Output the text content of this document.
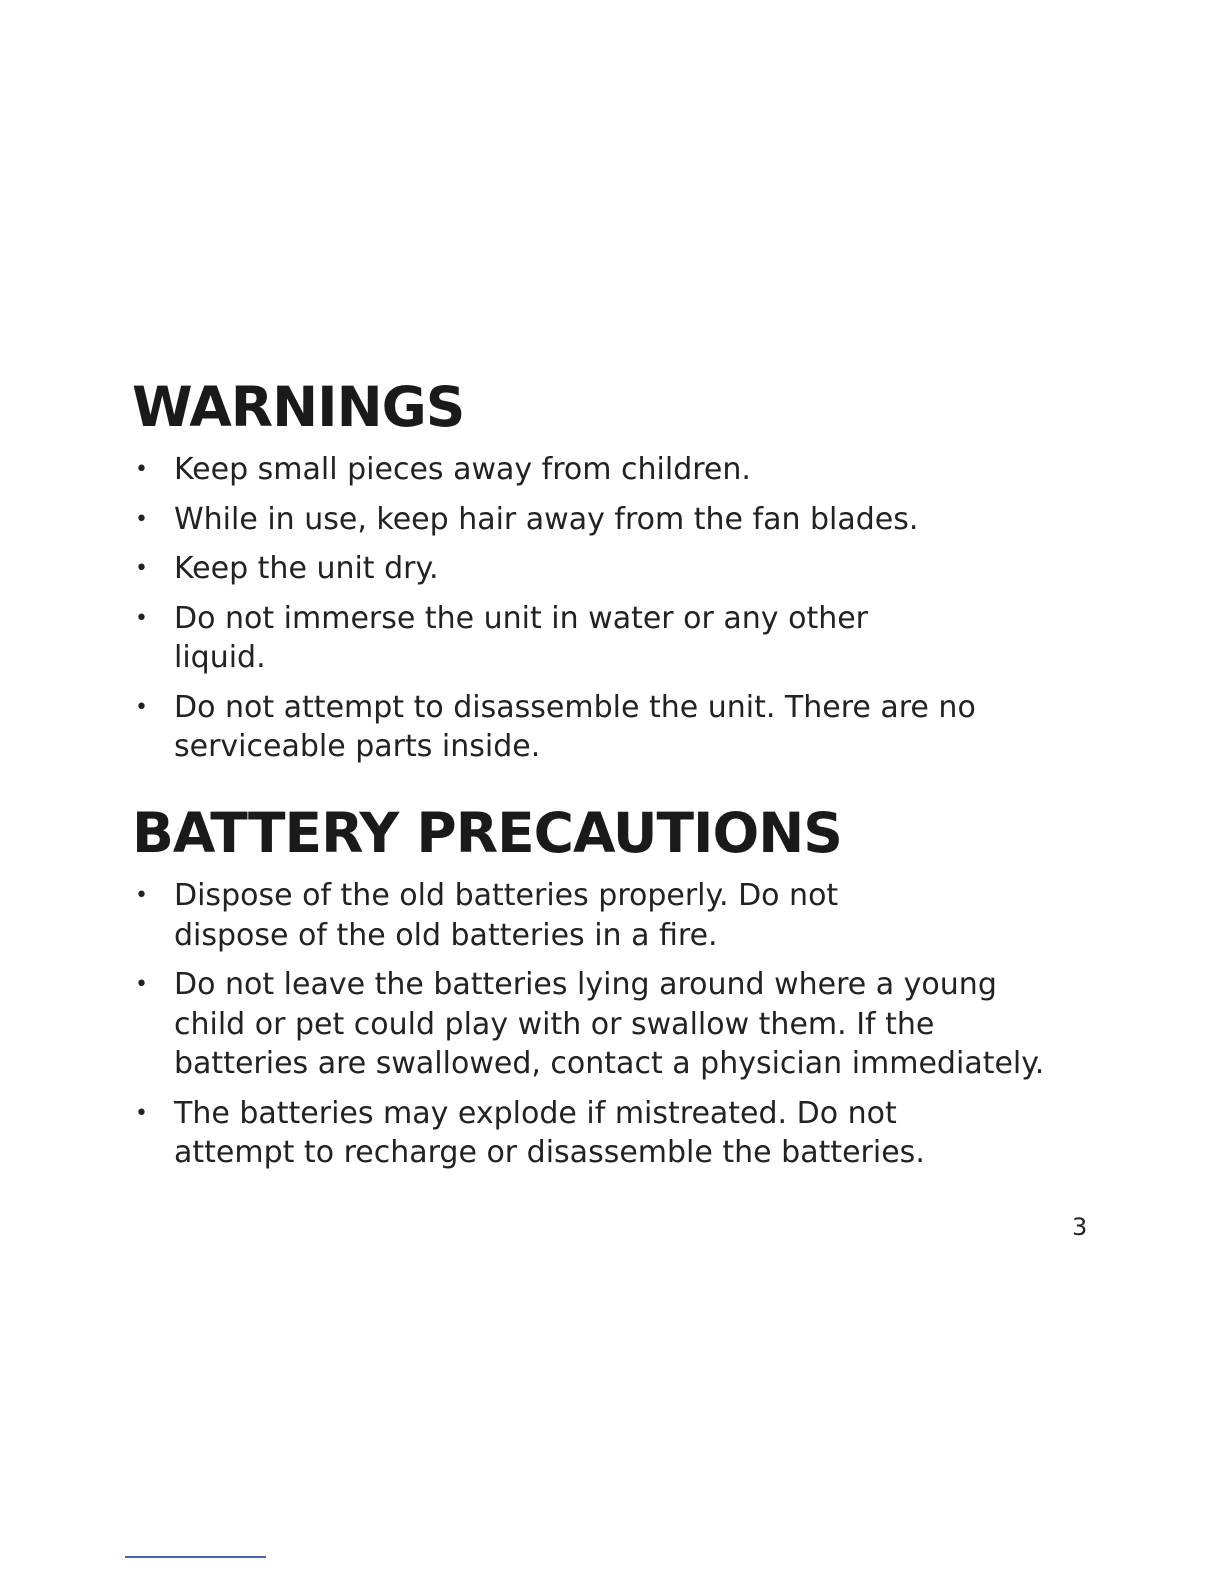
WARNINGS
• Keep small pieces away from children.
• While in use, keep hair away from the fan blades.
• Keep the unit dry.
• Do not immerse the unit in water or any other liquid.
• Do not attempt to disassemble the unit. There are no serviceable parts inside.
BATTERY PRECAUTIONS
• Dispose of the old batteries properly. Do not dispose of the old batteries in a fire.
• Do not leave the batteries lying around where a young child or pet could play with or swallow them. If the batteries are swallowed, contact a physician immediately.
• The batteries may explode if mistreated. Do not attempt to recharge or disassemble the batteries.
3
